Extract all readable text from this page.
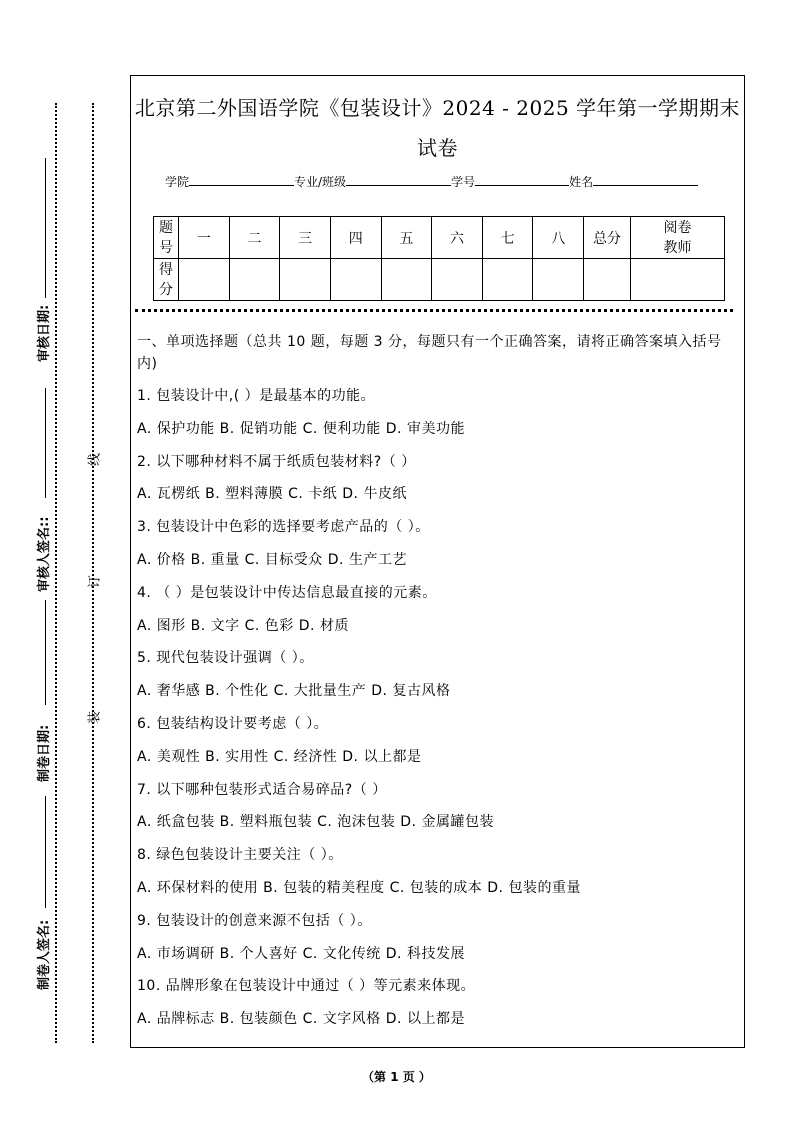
审核日期:
审核人签名::
制卷日期:
制卷人签名:
线
订
装
北京第二外国语学院《包装设计》2024 - 2025 学年第一学期期末
试卷
学院	专业/班级	学号	姓名
题号	一	二	三	四	五	六	七	八	总分	阅卷教师
得分										
一、单项选择题（总共 10 题，每题 3 分，每题只有一个正确答案，请将正确答案填入括号内)
1. 包装设计中,( ）是最基本的功能。
A. 保护功能 B. 促销功能 C. 便利功能 D. 审美功能
2. 以下哪种材料不属于纸质包装材料?（ ）
A. 瓦楞纸 B. 塑料薄膜 C. 卡纸 D. 牛皮纸
3. 包装设计中色彩的选择要考虑产品的（ ）。
A. 价格 B. 重量 C. 目标受众 D. 生产工艺
4. （ ）是包装设计中传达信息最直接的元素。
A. 图形 B. 文字 C. 色彩 D. 材质
5. 现代包装设计强调（ ）。
A. 奢华感 B. 个性化 C. 大批量生产 D. 复古风格
6. 包装结构设计要考虑（ ）。
A. 美观性 B. 实用性 C. 经济性 D. 以上都是
7. 以下哪种包装形式适合易碎品?（ ）
A. 纸盒包装 B. 塑料瓶包装 C. 泡沫包装 D. 金属罐包装
8. 绿色包装设计主要关注（ ）。
A. 环保材料的使用 B. 包装的精美程度 C. 包装的成本 D. 包装的重量
9. 包装设计的创意来源不包括（ ）。
A. 市场调研 B. 个人喜好 C. 文化传统 D. 科技发展
10. 品牌形象在包装设计中通过（ ）等元素来体现。
A. 品牌标志 B. 包装颜色 C. 文字风格 D. 以上都是
（第 1 页 ）
